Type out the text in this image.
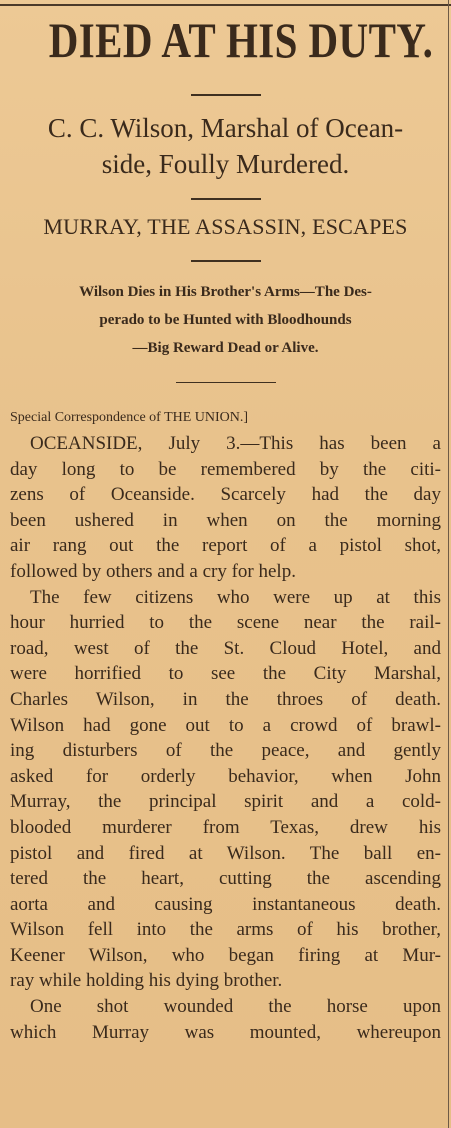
DIED AT HIS DUTY.
C. C. Wilson, Marshal of Ocean-
side, Foully Murdered.
MURRAY, THE ASSASSIN, ESCAPES
Wilson Dies in His Brother's Arms—The Des-
perado to be Hunted with Bloodhounds
—Big Reward Dead or Alive.
Special Correspondence of THE UNION.]
OCEANSIDE, July 3.—This has been a
day long to be remembered by the citi-
zens of Oceanside. Scarcely had the day
been ushered in when on the morning
air rang out the report of a pistol shot,
followed by others and a cry for help.
The few citizens who were up at this
hour hurried to the scene near the rail-
road, west of the St. Cloud Hotel, and
were horrified to see the City Marshal,
Charles Wilson, in the throes of death.
Wilson had gone out to a crowd of brawl-
ing disturbers of the peace, and gently
asked for orderly behavior, when John
Murray, the principal spirit and a cold-
blooded murderer from Texas, drew his
pistol and fired at Wilson. The ball en-
tered the heart, cutting the ascending
aorta and causing instantaneous death.
Wilson fell into the arms of his brother,
Keener Wilson, who began firing at Mur-
ray while holding his dying brother.
One shot wounded the horse upon
which Murray was mounted, whereupon
